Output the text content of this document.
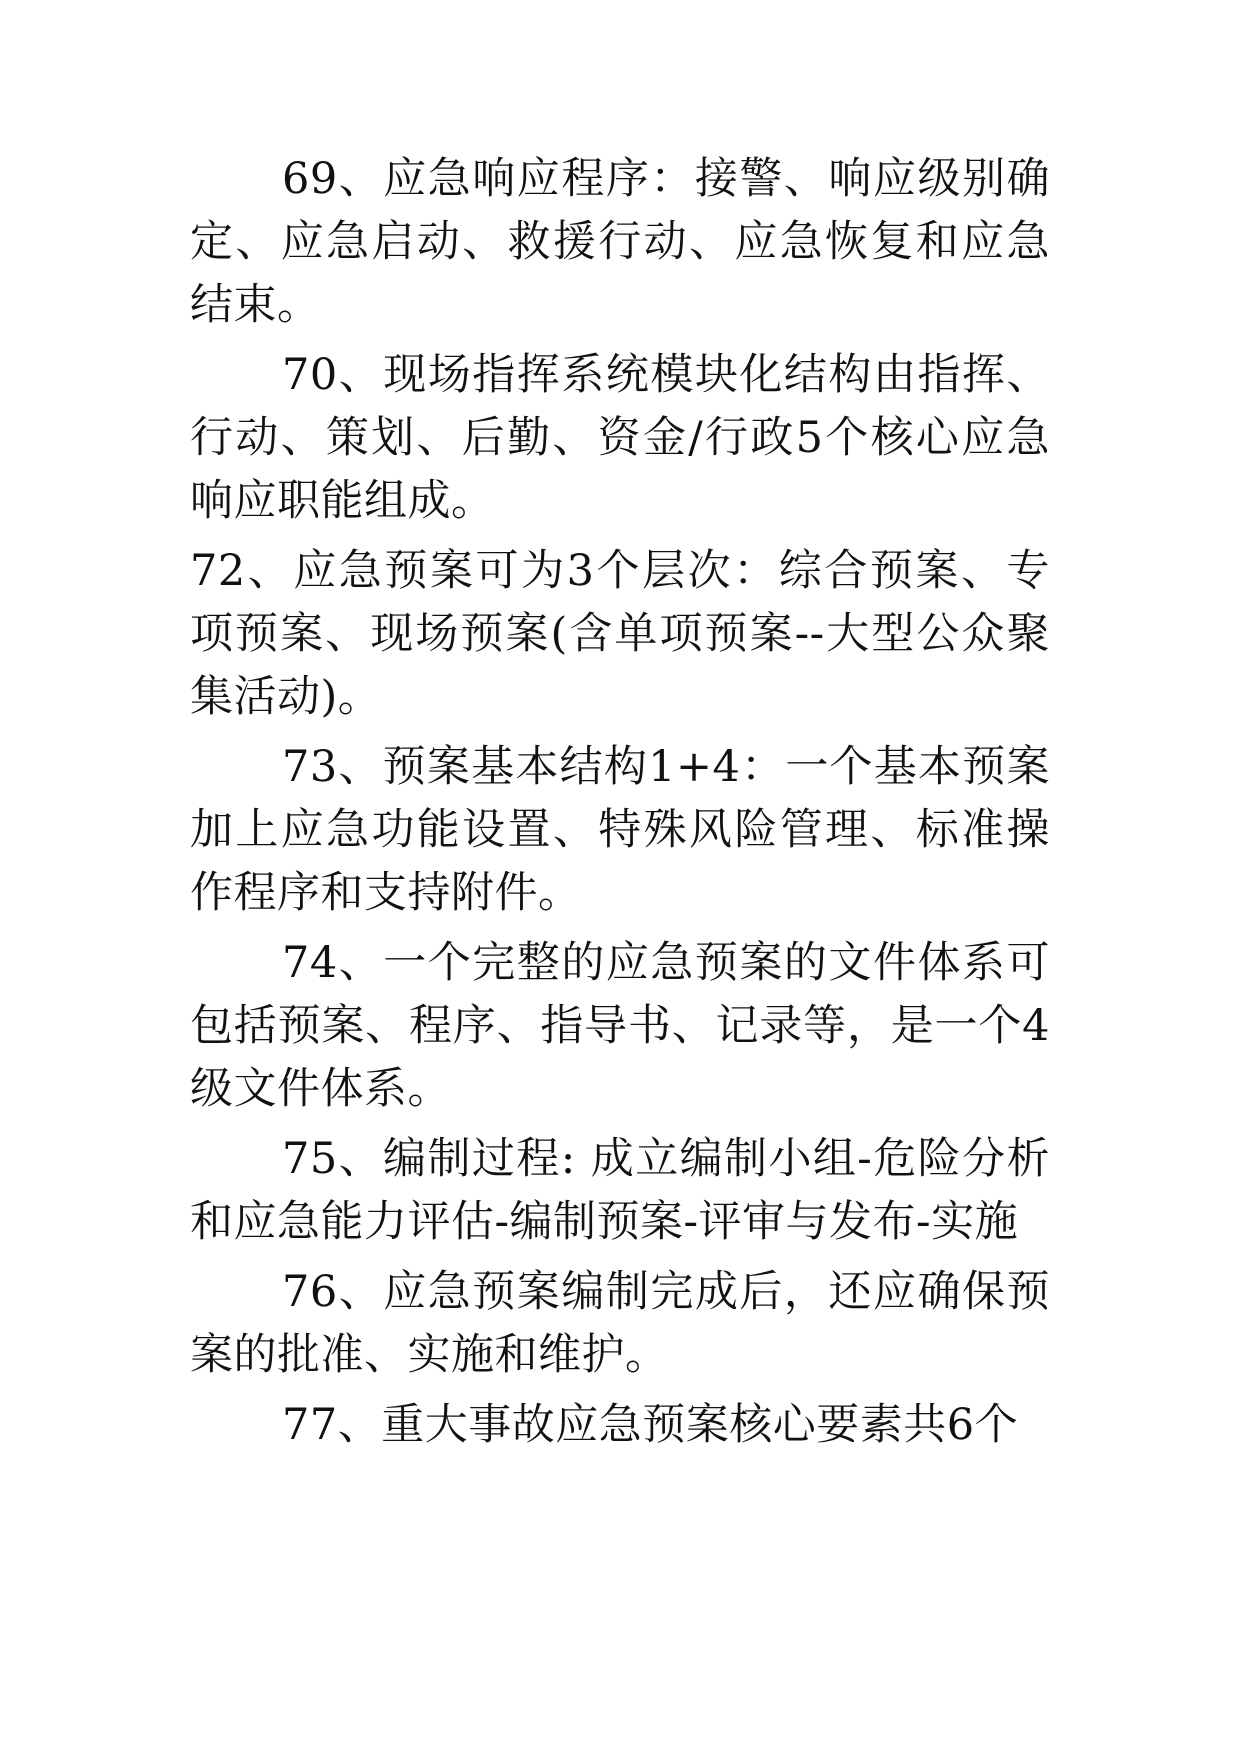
69、应急响应程序：接警、响应级别确定、应急启动、救援行动、应急恢复和应急结束。

70、现场指挥系统模块化结构由指挥、行动、策划、后勤、资金/行政5个核心应急响应职能组成。

72、应急预案可为3个层次：综合预案、专项预案、现场预案(含单项预案--大型公众聚集活动)。

73、预案基本结构1+4：一个基本预案加上应急功能设置、特殊风险管理、标准操作程序和支持附件。

74、一个完整的应急预案的文件体系可包括预案、程序、指导书、记录等，是一个4级文件体系。

75、编制过程: 成立编制小组-危险分析和应急能力评估-编制预案-评审与发布-实施

76、应急预案编制完成后，还应确保预案的批准、实施和维护。

77、重大事故应急预案核心要素共6个
